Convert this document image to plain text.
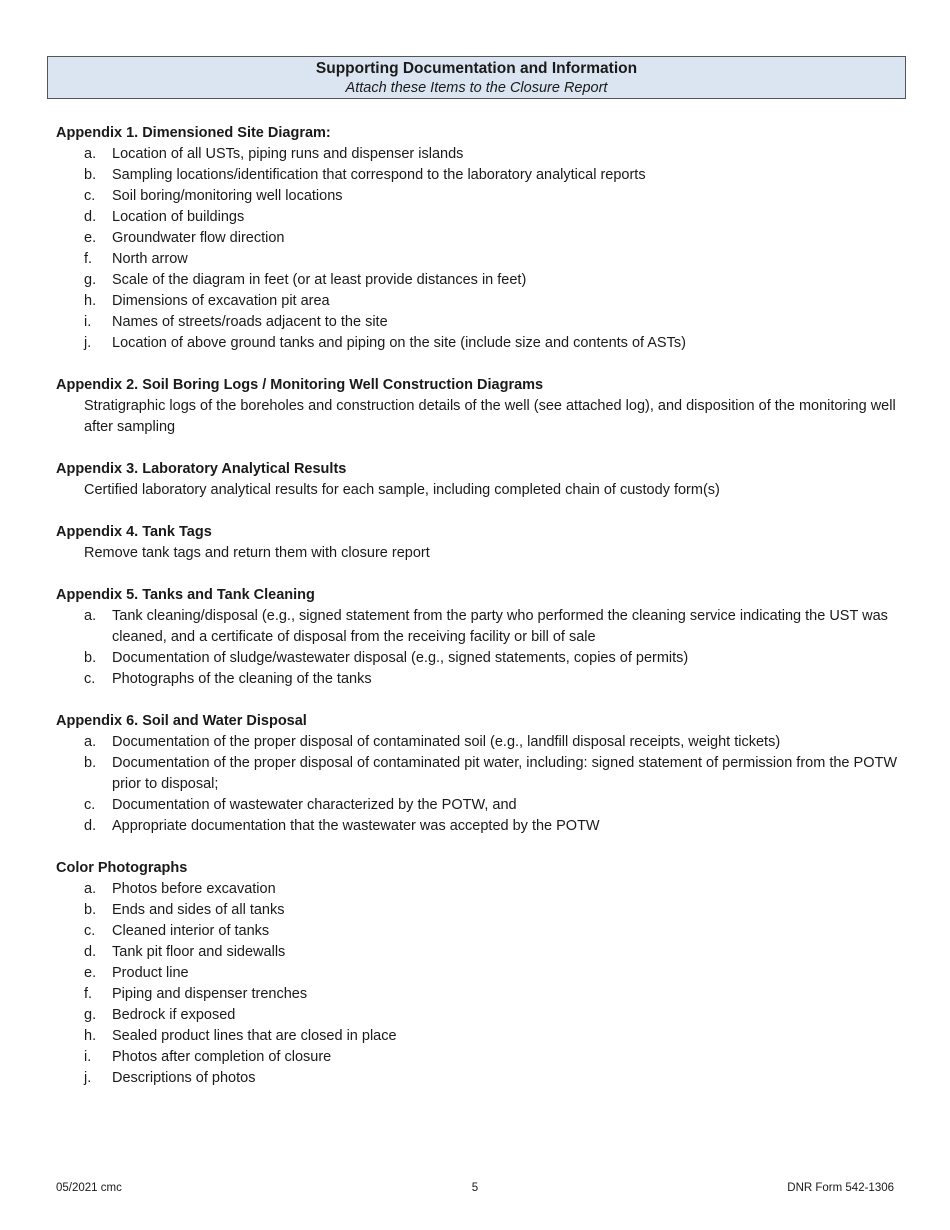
Supporting Documentation and Information
Attach these Items to the Closure Report
Appendix 1. Dimensioned Site Diagram:
a.	Location of all USTs, piping runs and dispenser islands
b.	Sampling locations/identification that correspond to the laboratory analytical reports
c.	Soil boring/monitoring well locations
d.	Location of buildings
e.	Groundwater flow direction
f.	North arrow
g.	Scale of the diagram in feet (or at least provide distances in feet)
h.	Dimensions of excavation pit area
i.	Names of streets/roads adjacent to the site
j.	Location of above ground tanks and piping on the site (include size and contents of ASTs)
Appendix 2. Soil Boring Logs / Monitoring Well Construction Diagrams
Stratigraphic logs of the boreholes and construction details of the well (see attached log), and disposition of the monitoring well after sampling
Appendix 3. Laboratory Analytical Results
Certified laboratory analytical results for each sample, including completed chain of custody form(s)
Appendix 4. Tank Tags
Remove tank tags and return them with closure report
Appendix 5. Tanks and Tank Cleaning
a.	Tank cleaning/disposal (e.g., signed statement from the party who performed the cleaning service indicating the UST was cleaned, and a certificate of disposal from the receiving facility or bill of sale
b.	Documentation of sludge/wastewater disposal (e.g., signed statements, copies of permits)
c.	Photographs of the cleaning of the tanks
Appendix 6. Soil and Water Disposal
a.	Documentation of the proper disposal of contaminated soil (e.g., landfill disposal receipts, weight tickets)
b.	Documentation of the proper disposal of contaminated pit water, including: signed statement of permission from the POTW prior to disposal;
c.	Documentation of wastewater characterized by the POTW, and
d.	Appropriate documentation that the wastewater was accepted by the POTW
Color Photographs
a.	Photos before excavation
b.	Ends and sides of all tanks
c.	Cleaned interior of tanks
d.	Tank pit floor and sidewalls
e.	Product line
f.	Piping and dispenser trenches
g.	Bedrock if exposed
h.	Sealed product lines that are closed in place
i.	Photos after completion of closure
j.	Descriptions of photos
05/2021 cmc	5	DNR Form 542-1306
